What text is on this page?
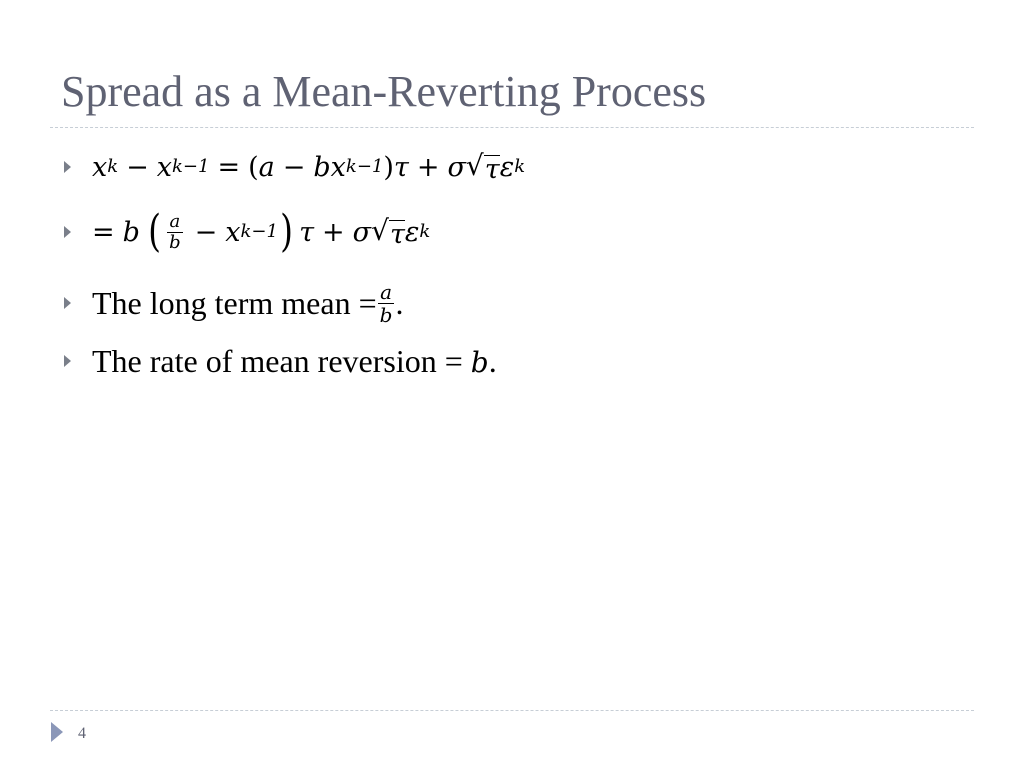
Spread as a Mean-Reverting Process
x k − x k−1 = ( a − b x k−1 ) τ + σ √ τ ε k
= b ( $\frac{a}{b} - x$ k−1 ) τ + σ √ τ ε k
The long term mean = $\frac{a}{b}$ .
The rate of mean reversion = b.
4
